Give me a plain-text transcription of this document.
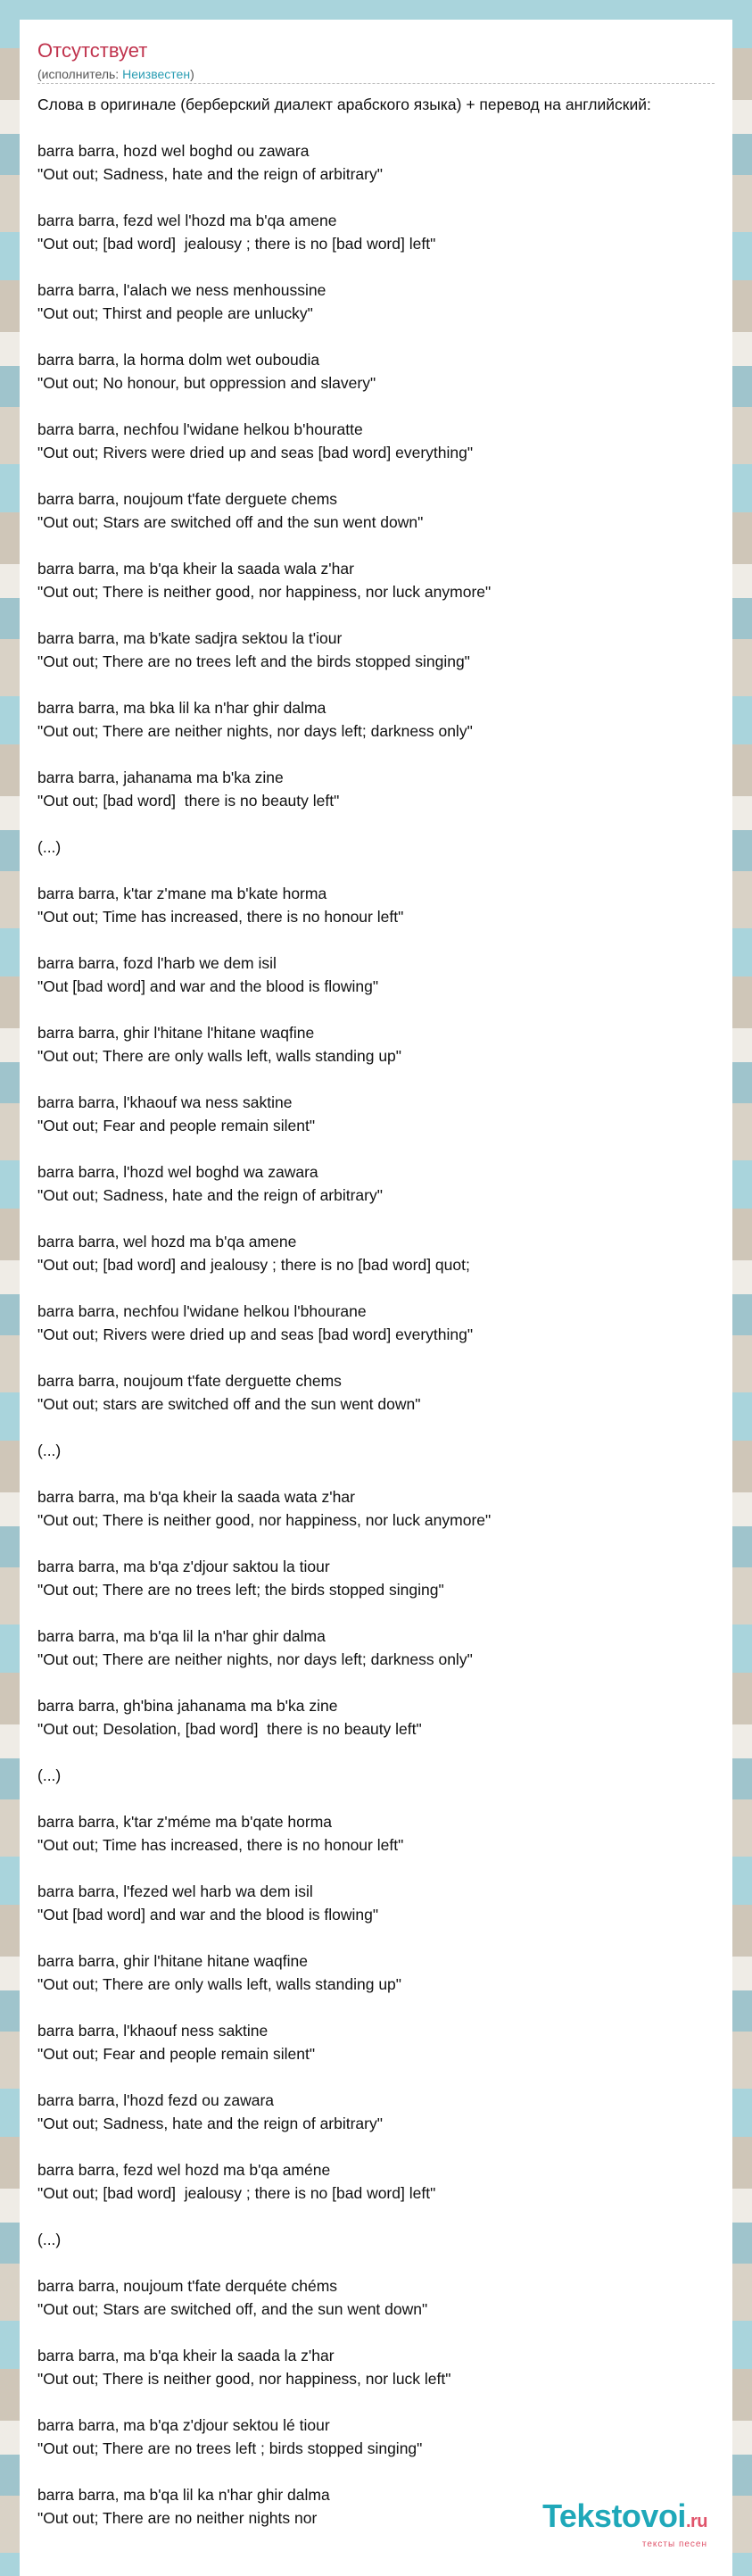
Отсутствует
(исполнитель: Неизвестен)
Слова в оригинале (берберский диалект арабского языка) + перевод на английский:

barra barra, hozd wel boghd ou zawara
"Out out; Sadness, hate and the reign of arbitrary"

barra barra, fezd wel l'hozd ma b'qa amene
"Out out; [bad word]  jealousy ; there is no [bad word] left"

barra barra, l'alach we ness menhoussine
"Out out; Thirst and people are unlucky"

barra barra, la horma dolm wet ouboudia
"Out out; No honour, but oppression and slavery"

barra barra, nechfou l'widane helkou b'houratte
"Out out; Rivers were dried up and seas [bad word] everything"

barra barra, noujoum t'fate derguete chems
"Out out; Stars are switched off and the sun went down"

barra barra, ma b'qa kheir la saada wala z'har
"Out out; There is neither good, nor happiness, nor luck anymore"

barra barra, ma b'kate sadjra sektou la t'iour
"Out out; There are no trees left and the birds stopped singing"

barra barra, ma bka lil ka n'har ghir dalma
"Out out; There are neither nights, nor days left; darkness only"

barra barra, jahanama ma b'ka zine
"Out out; [bad word]  there is no beauty left"

(...)

barra barra, k'tar z'mane ma b'kate horma
"Out out; Time has increased, there is no honour left"

barra barra, fozd l'harb we dem isil
"Out [bad word] and war and the blood is flowing"

barra barra, ghir l'hitane l'hitane waqfine
"Out out; There are only walls left, walls standing up"

barra barra, l'khaouf wa ness saktine
"Out out; Fear and people remain silent"

barra barra, l'hozd wel boghd wa zawara
"Out out; Sadness, hate and the reign of arbitrary"

barra barra, wel hozd ma b'qa amene
"Out out; [bad word] and jealousy ; there is no [bad word] quot;

barra barra, nechfou l'widane helkou l'bhourane
"Out out; Rivers were dried up and seas [bad word] everything"

barra barra, noujoum t'fate derguette chems
"Out out; stars are switched off and the sun went down"

(...)

barra barra, ma b'qa kheir la saada wata z'har
"Out out; There is neither good, nor happiness, nor luck anymore"

barra barra, ma b'qa z'djour saktou la tiour
"Out out; There are no trees left; the birds stopped singing"

barra barra, ma b'qa lil la n'har ghir dalma
"Out out; There are neither nights, nor days left; darkness only"

barra barra, gh'bina jahanama ma b'ka zine
"Out out; Desolation, [bad word]  there is no beauty left"

(...)

barra barra, k'tar z'méme ma b'qate horma
"Out out; Time has increased, there is no honour left"

barra barra, l'fezed wel harb wa dem isil
"Out [bad word] and war and the blood is flowing"

barra barra, ghir l'hitane hitane waqfine
"Out out; There are only walls left, walls standing up"

barra barra, l'khaouf ness saktine
"Out out; Fear and people remain silent"

barra barra, l'hozd fezd ou zawara
"Out out; Sadness, hate and the reign of arbitrary"

barra barra, fezd wel hozd ma b'qa améne
"Out out; [bad word]  jealousy ; there is no [bad word] left"

(...)

barra barra, noujoum t'fate derquéte chéms
"Out out; Stars are switched off, and the sun went down"

barra barra, ma b'qa kheir la saada la z'har
"Out out; There is neither good, nor happiness, nor luck left"

barra barra, ma b'qa z'djour sektou lé tiour
"Out out; There are no trees left ; birds stopped singing"

barra barra, ma b'qa lil ka n'har ghir dalma
"Out out; There are no neither nights nor	Tekstovoi.ru
тексты песен
